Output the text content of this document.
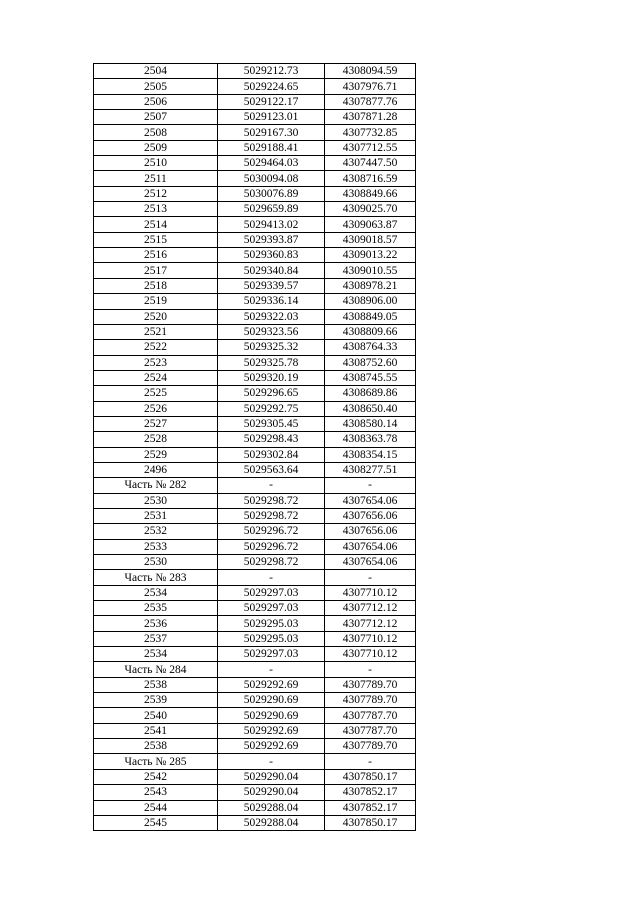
2504	5029212.73	4308094.59
2505	5029224.65	4307976.71
2506	5029122.17	4307877.76
2507	5029123.01	4307871.28
2508	5029167.30	4307732.85
2509	5029188.41	4307712.55
2510	5029464.03	4307447.50
2511	5030094.08	4308716.59
2512	5030076.89	4308849.66
2513	5029659.89	4309025.70
2514	5029413.02	4309063.87
2515	5029393.87	4309018.57
2516	5029360.83	4309013.22
2517	5029340.84	4309010.55
2518	5029339.57	4308978.21
2519	5029336.14	4308906.00
2520	5029322.03	4308849.05
2521	5029323.56	4308809.66
2522	5029325.32	4308764.33
2523	5029325.78	4308752.60
2524	5029320.19	4308745.55
2525	5029296.65	4308689.86
2526	5029292.75	4308650.40
2527	5029305.45	4308580.14
2528	5029298.43	4308363.78
2529	5029302.84	4308354.15
2496	5029563.64	4308277.51
Часть № 282	-	-
2530	5029298.72	4307654.06
2531	5029298.72	4307656.06
2532	5029296.72	4307656.06
2533	5029296.72	4307654.06
2530	5029298.72	4307654.06
Часть № 283	-	-
2534	5029297.03	4307710.12
2535	5029297.03	4307712.12
2536	5029295.03	4307712.12
2537	5029295.03	4307710.12
2534	5029297.03	4307710.12
Часть № 284	-	-
2538	5029292.69	4307789.70
2539	5029290.69	4307789.70
2540	5029290.69	4307787.70
2541	5029292.69	4307787.70
2538	5029292.69	4307789.70
Часть № 285	-	-
2542	5029290.04	4307850.17
2543	5029290.04	4307852.17
2544	5029288.04	4307852.17
2545	5029288.04	4307850.17
